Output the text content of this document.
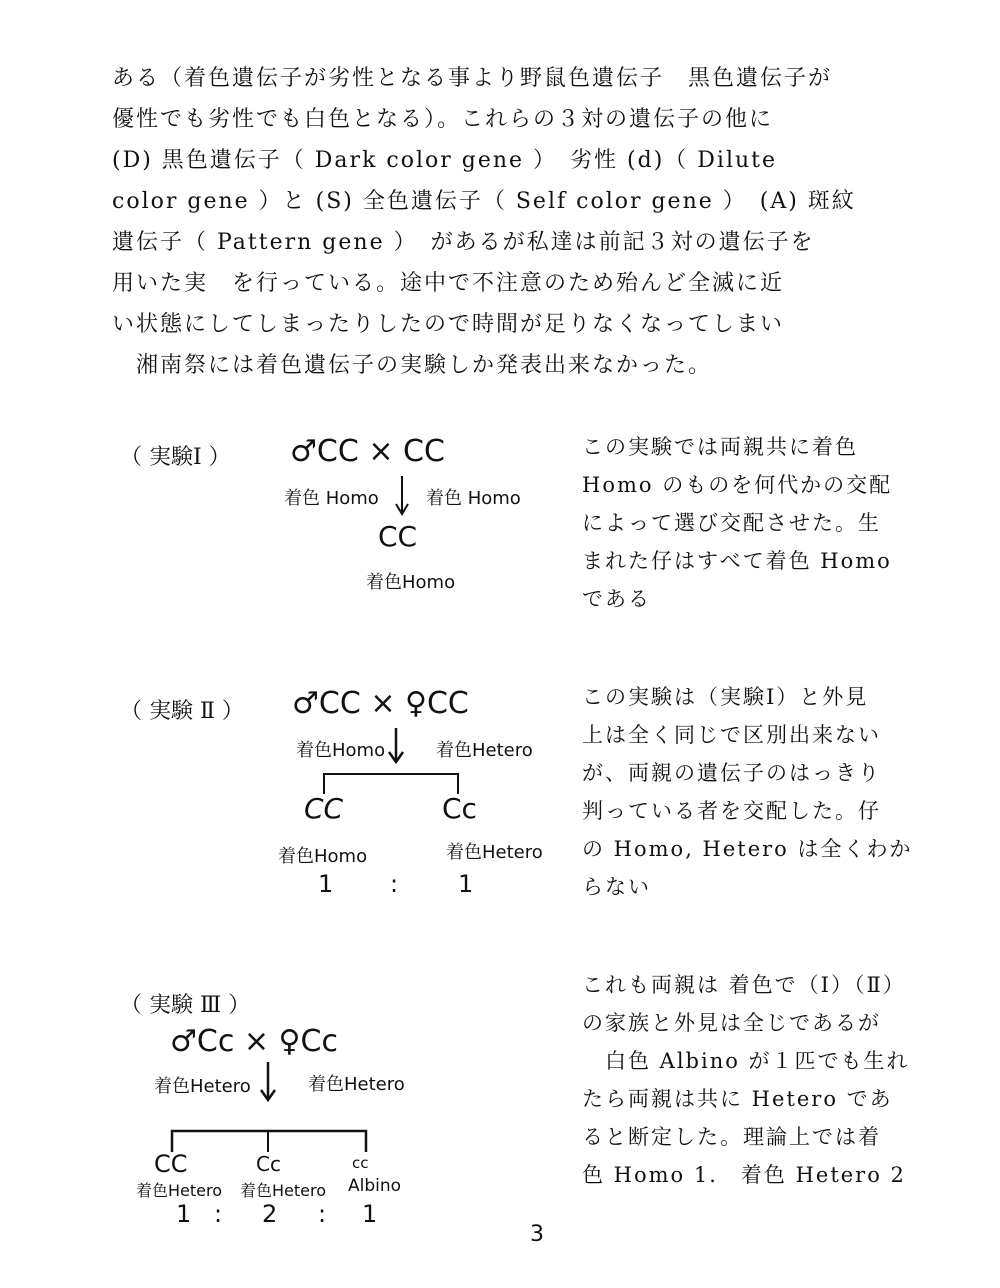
ある（着色遺伝子が劣性となる事より野鼠色遺伝子　黒色遺伝子が
優性でも劣性でも白色となる）。これらの３対の遺伝子の他に
(D) 黒色遺伝子（ Dark color gene ）　劣性 (d)（ Dilute
color gene ）と (S) 全色遺伝子（ Self color gene ）　(A) 斑紋
遺伝子（ Pattern gene ）　があるが私達は前記３対の遺伝子を
用いた実　を行っている。途中で不注意のため殆んど全滅に近
い状態にしてしまったりしたので時間が足りなくなってしまい
　湘南祭には着色遺伝子の実験しか発表出来なかった。
（ 実験Ⅰ ） ♂CC × CC
着色 Homo	着色 Homo
CC
着色Homo
この実験では両親共に着色
Homo のものを何代かの交配
によって選び交配させた。生
まれた仔はすべて着色 Homo
である
（ 実験 Ⅱ ） ♂CC × ♀CC
着色Homo	着色Hetero
CC	Cc
着色Homo	着色Hetero
1 : 1
この実験は（実験Ⅰ）と外見
上は全く同じで区別出来ない
が、両親の遺伝子のはっきり
判っている者を交配した。仔
の Homo, Hetero は全くわか
らない
（ 実験 Ⅲ ）
♂Cc × ♀Cc
着色Hetero	着色Hetero
CC	Cc	cc
着色Hetero 着色Hetero Albino
1 : 2 : 1
これも両親は 着色で（Ⅰ）（Ⅱ）
の家族と外見は全じであるが
　白色 Albino が１匹でも生れ
たら両親は共に Hetero であ
ると断定した。理論上では着
色 Homo 1.　着色 Hetero 2
3
